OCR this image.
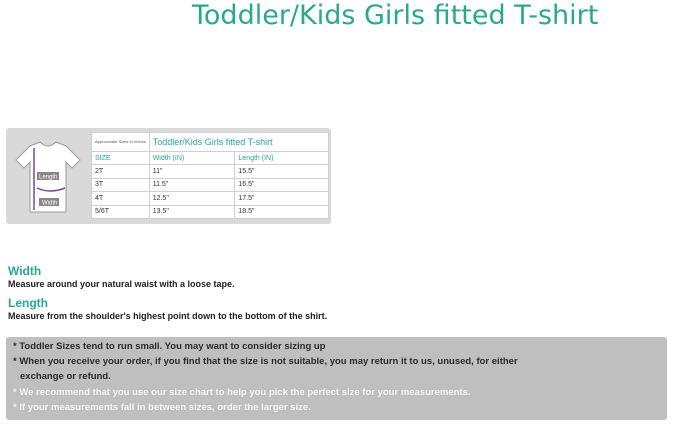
Toddler/Kids Girls fitted T-shirt
Length
Width
Approximate Sizes In Inches	Toddler/Kids Girls fitted T-shirt	
SIZE	Width (IN)	Length (IN)
2T	11"	15.5"
3T	11.5"	16.5"
4T	12.5"	17.5"
5/6T	13.5"	18.5"
Width
Measure around your natural waist with a loose tape.
Length
Measure from the shoulder's highest point down to the bottom of the shirt.
* Toddler Sizes tend to run small. You may want to consider sizing up
* When you receive your order, if you find that the size is not suitable, you may return it to us, unused, for either
exchange or refund.
* We recommend that you use our size chart to help you pick the perfect size for your measurements.
* If your measurements fall in between sizes, order the larger size.
